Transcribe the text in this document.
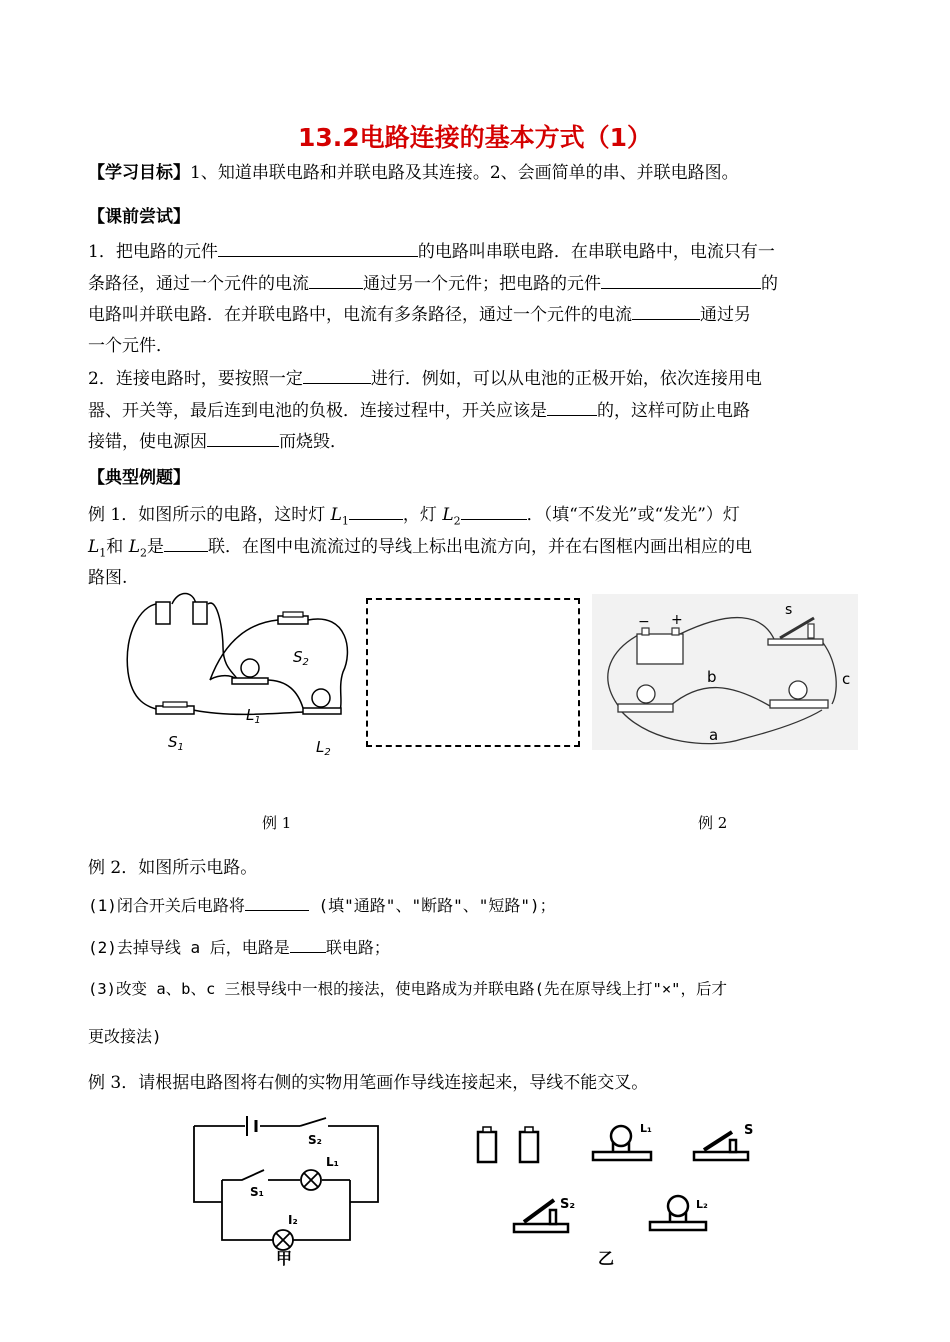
13.2电路连接的基本方式（1）
【学习目标】1、知道串联电路和并联电路及其连接。2、会画简单的串、并联电路图。
【课前尝试】
1．把电路的元件	的电路叫串联电路．在串联电路中，电流只有一
条路径，通过一个元件的电流	通过另一个元件；把电路的元件	的
电路叫并联电路．在并联电路中，电流有多条路径，通过一个元件的电流	通过另
一个元件．
2．连接电路时，要按照一定	进行．例如，可以从电池的正极开始，依次连接用电
器、开关等，最后连到电池的负极．连接过程中，开关应该是	的，这样可防止电路
接错，使电源因	而烧毁．
【典型例题】
例 1．如图所示的电路，这时灯 $L_1$	，灯 $L_2$	．（填“不发光”或“发光”）灯
$L_1$和 $L_2$是	联．在图中电流流过的导线上标出电流方向，并在右图框内画出相应的电
路图.
$S_2$
$L_1$
$S_1$	$L_2$
− +
s
b	c
a
例 1	例 2
例 2．如图所示电路。
(1)闭合开关后电路将	(填"通路"、"断路"、"短路")；
(2)去掉导线 a 后，电路是 联电路；
(3)改变 a、b、c 三根导线中一根的接法，使电路成为并联电路(先在原导线上打"×"，后才
更改接法)
例 3．请根据电路图将右侧的实物用笔画作导线连接起来，导线不能交叉。
S₂
S₁
L₁
I₂
甲
L₁	S
S₂	L₂
乙
